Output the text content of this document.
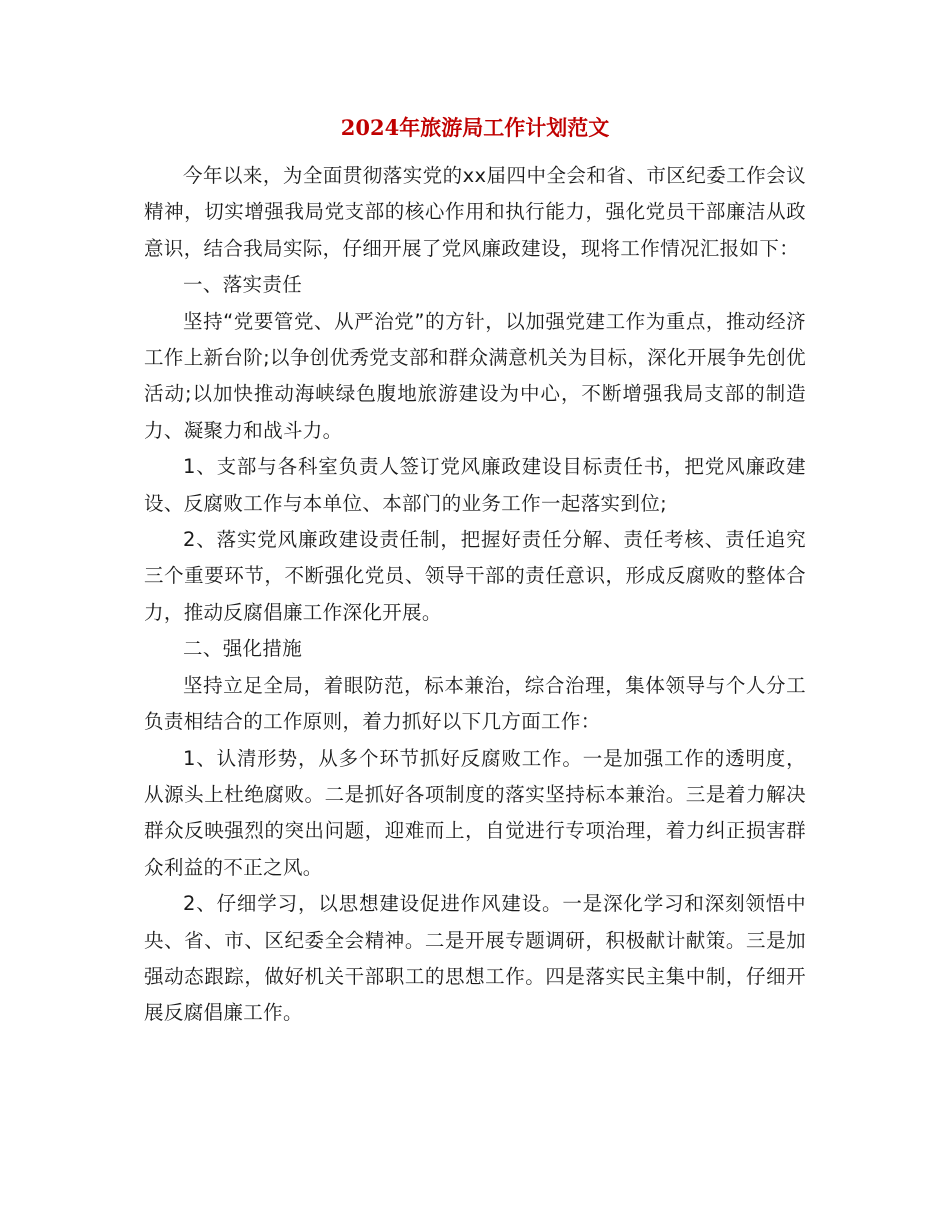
2024年旅游局工作计划范文

今年以来，为全面贯彻落实党的xx届四中全会和省、市区纪委工作会议精神，切实增强我局党支部的核心作用和执行能力，强化党员干部廉洁从政意识，结合我局实际，仔细开展了党风廉政建设，现将工作情况汇报如下：

一、落实责任

坚持“党要管党、从严治党”的方针，以加强党建工作为重点，推动经济工作上新台阶;以争创优秀党支部和群众满意机关为目标，深化开展争先创优活动;以加快推动海峡绿色腹地旅游建设为中心，不断增强我局支部的制造力、凝聚力和战斗力。

1、支部与各科室负责人签订党风廉政建设目标责任书，把党风廉政建设、反腐败工作与本单位、本部门的业务工作一起落实到位;

2、落实党风廉政建设责任制，把握好责任分解、责任考核、责任追究三个重要环节，不断强化党员、领导干部的责任意识，形成反腐败的整体合力，推动反腐倡廉工作深化开展。

二、强化措施

坚持立足全局，着眼防范，标本兼治，综合治理，集体领导与个人分工负责相结合的工作原则，着力抓好以下几方面工作：

1、认清形势，从多个环节抓好反腐败工作。一是加强工作的透明度，从源头上杜绝腐败。二是抓好各项制度的落实坚持标本兼治。三是着力解决群众反映强烈的突出问题，迎难而上，自觉进行专项治理，着力纠正损害群众利益的不正之风。

2、仔细学习，以思想建设促进作风建设。一是深化学习和深刻领悟中央、省、市、区纪委全会精神。二是开展专题调研，积极献计献策。三是加强动态跟踪，做好机关干部职工的思想工作。四是落实民主集中制，仔细开展反腐倡廉工作。
